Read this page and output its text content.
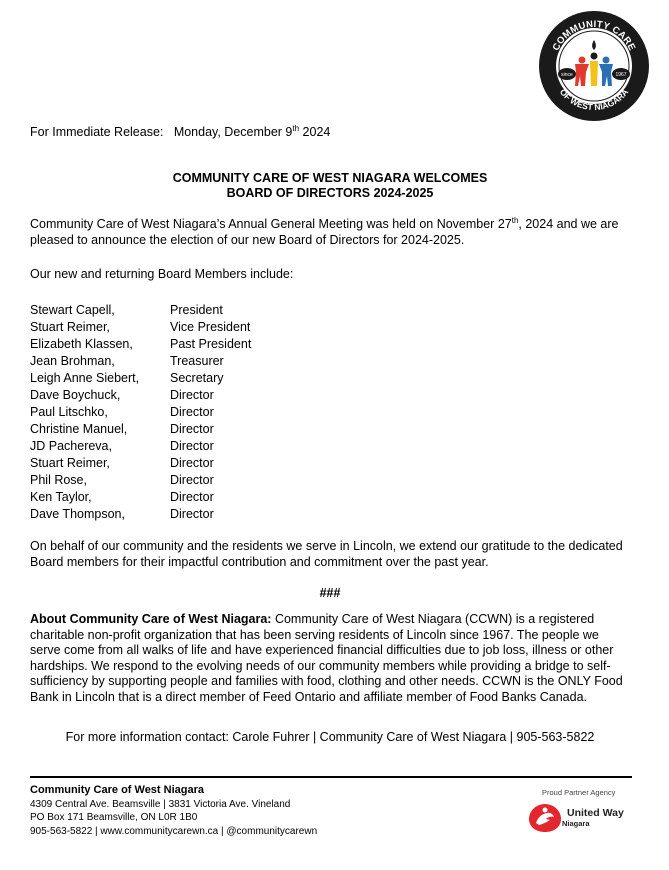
COMMUNITY CARE
OF WEST NIAGARA
since	1967
For Immediate Release: Monday, December 9th 2024
COMMUNITY CARE OF WEST NIAGARA WELCOMES
BOARD OF DIRECTORS 2024-2025
Community Care of West Niagara’s Annual General Meeting was held on November 27th, 2024 and we are pleased to announce the election of our new Board of Directors for 2024-2025.
Our new and returning Board Members include:
Stewart Capell,	President
Stuart Reimer,	Vice President
Elizabeth Klassen,	Past President
Jean Brohman,	Treasurer
Leigh Anne Siebert,	Secretary
Dave Boychuck,	Director
Paul Litschko,	Director
Christine Manuel,	Director
JD Pachereva,	Director
Stuart Reimer,	Director
Phil Rose,	Director
Ken Taylor,	Director
Dave Thompson,	Director
On behalf of our community and the residents we serve in Lincoln, we extend our gratitude to the dedicated Board members for their impactful contribution and commitment over the past year.
###
About Community Care of West Niagara: Community Care of West Niagara (CCWN) is a registered charitable non-profit organization that has been serving residents of Lincoln since 1967. The people we serve come from all walks of life and have experienced financial difficulties due to job loss, illness or other hardships. We respond to the evolving needs of our community members while providing a bridge to self-sufficiency by supporting people and families with food, clothing and other needs. CCWN is the ONLY Food Bank in Lincoln that is a direct member of Feed Ontario and affiliate member of Food Banks Canada.
For more information contact: Carole Fuhrer | Community Care of West Niagara | 905-563-5822
Community Care of West Niagara
4309 Central Ave. Beamsville | 3831 Victoria Ave. Vineland
PO Box 171 Beamsville, ON L0R 1B0
905-563-5822 | www.communitycarewn.ca | @communitycarewn
Proud Partner Agency
United Way
Niagara
